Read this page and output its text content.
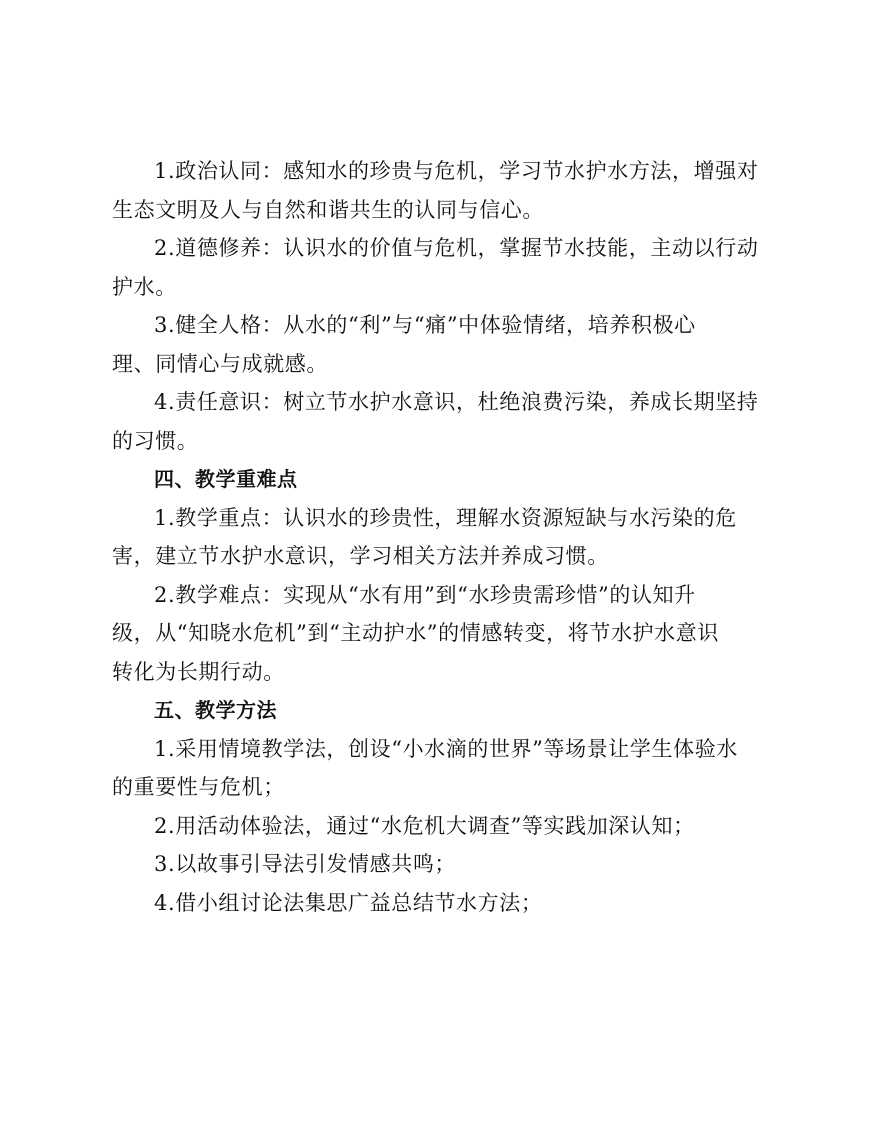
1.政治认同：感知水的珍贵与危机，学习节水护水方法，增强对
生态文明及人与自然和谐共生的认同与信心。

2.道德修养：认识水的价值与危机，掌握节水技能，主动以行动
护水。

3.健全人格：从水的“利”与“痛”中体验情绪，培养积极心
理、同情心与成就感。

4.责任意识：树立节水护水意识，杜绝浪费污染，养成长期坚持
的习惯。

四、教学重难点

1.教学重点：认识水的珍贵性，理解水资源短缺与水污染的危
害，建立节水护水意识，学习相关方法并养成习惯。

2.教学难点：实现从“水有用”到“水珍贵需珍惜”的认知升
级，从“知晓水危机”到“主动护水”的情感转变，将节水护水意识
转化为长期行动。

五、教学方法

1.采用情境教学法，创设“小水滴的世界”等场景让学生体验水
的重要性与危机；

2.用活动体验法，通过“水危机大调查”等实践加深认知；

3.以故事引导法引发情感共鸣；

4.借小组讨论法集思广益总结节水方法；
